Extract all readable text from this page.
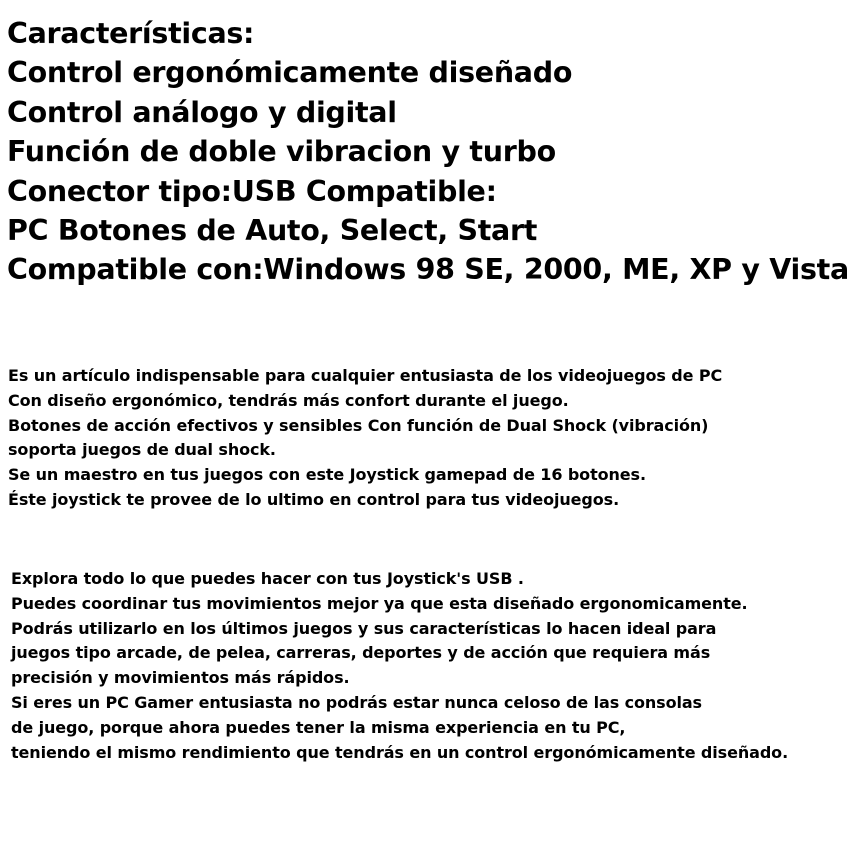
Características:
Control ergonómicamente diseñado
Control análogo y digital
Función de doble vibracion y turbo
Conector tipo:USB Compatible:
PC Botones de Auto, Select, Start
Compatible con:Windows 98 SE, 2000, ME, XP y Vista

Es un artículo indispensable para cualquier entusiasta de los videojuegos de PC
Con diseño ergonómico, tendrás más confort durante el juego.
Botones de acción efectivos y sensibles Con función de Dual Shock (vibración)
soporta juegos de dual shock.
Se un maestro en tus juegos con este Joystick gamepad de 16 botones.
Éste joystick te provee de lo ultimo en control para tus videojuegos.

Explora todo lo que puedes hacer con tus Joystick's USB .
Puedes coordinar tus movimientos mejor ya que esta diseñado ergonomicamente.
Podrás utilizarlo en los últimos juegos y sus características lo hacen ideal para
juegos tipo arcade, de pelea, carreras, deportes y de acción que requiera más
precisión y movimientos más rápidos.
Si eres un PC Gamer entusiasta no podrás estar nunca celoso de las consolas
de juego, porque ahora puedes tener la misma experiencia en tu PC,
teniendo el mismo rendimiento que tendrás en un control ergonómicamente diseñado.
